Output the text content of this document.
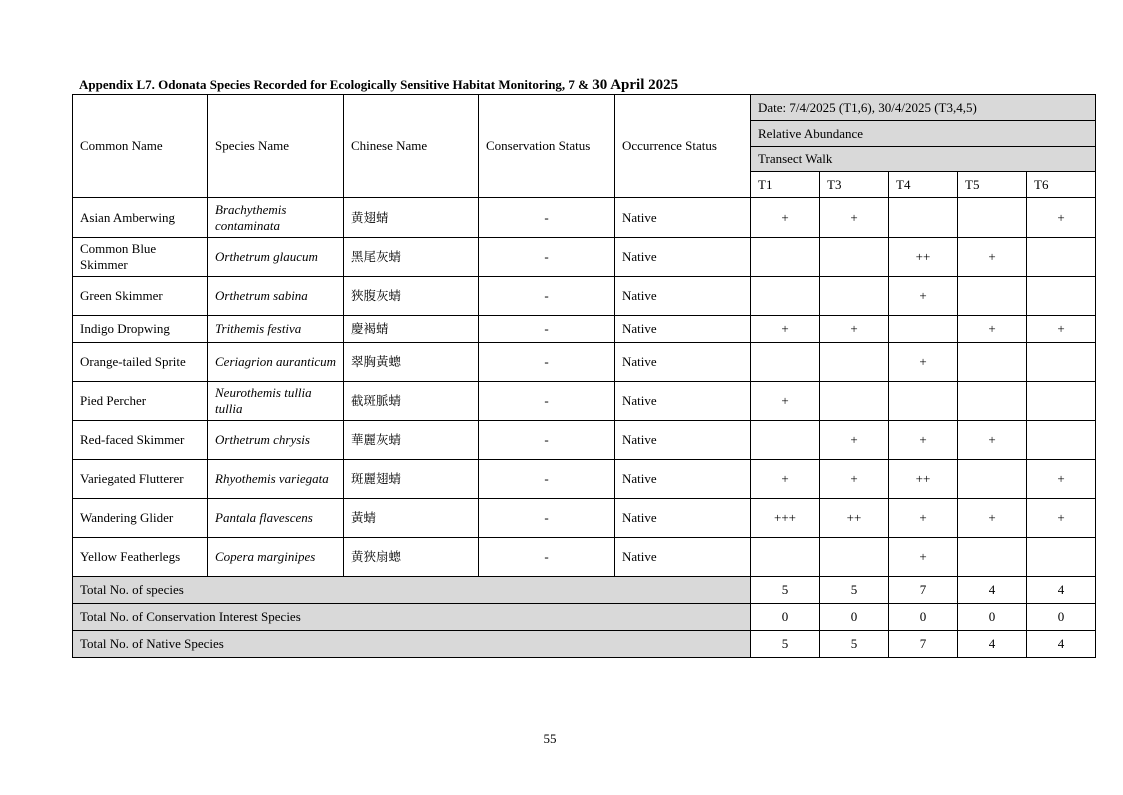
Appendix L7. Odonata Species Recorded for Ecologically Sensitive Habitat Monitoring, 7 & 30 April 2025
Common Name	Species Name	Chinese Name	Conservation Status	Occurrence Status	Date: 7/4/2025 (T1,6), 30/4/2025 (T3,4,5)				
					Relative Abundance				
					Transect Walk				
					T1	T3	T4	T5	T6
Asian Amberwing	Brachythemis contaminata	黄翅蜻	-	Native	+	+			+
Common Blue Skimmer	Orthetrum glaucum	黑尾灰蜻	-	Native			++	+	
Green Skimmer	Orthetrum sabina	狹腹灰蜻	-	Native			+		
Indigo Dropwing	Trithemis festiva	慶褐蜻	-	Native	+	+		+	+
Orange-tailed Sprite	Ceriagrion auranticum	翠胸黃蟌	-	Native			+		
Pied Percher	Neurothemis tullia tullia	截斑脈蜻	-	Native	+				
Red-faced Skimmer	Orthetrum chrysis	華麗灰蜻	-	Native		+	+	+	
Variegated Flutterer	Rhyothemis variegata	斑麗翅蜻	-	Native	+	+	++		+
Wandering Glider	Pantala flavescens	黃蜻	-	Native	+++	++	+	+	+
Yellow Featherlegs	Copera marginipes	黄狹扇蟌	-	Native			+		
Total No. of species					5	5	7	4	4
Total No. of Conservation Interest Species					0	0	0	0	0
Total No. of Native Species					5	5	7	4	4
55
